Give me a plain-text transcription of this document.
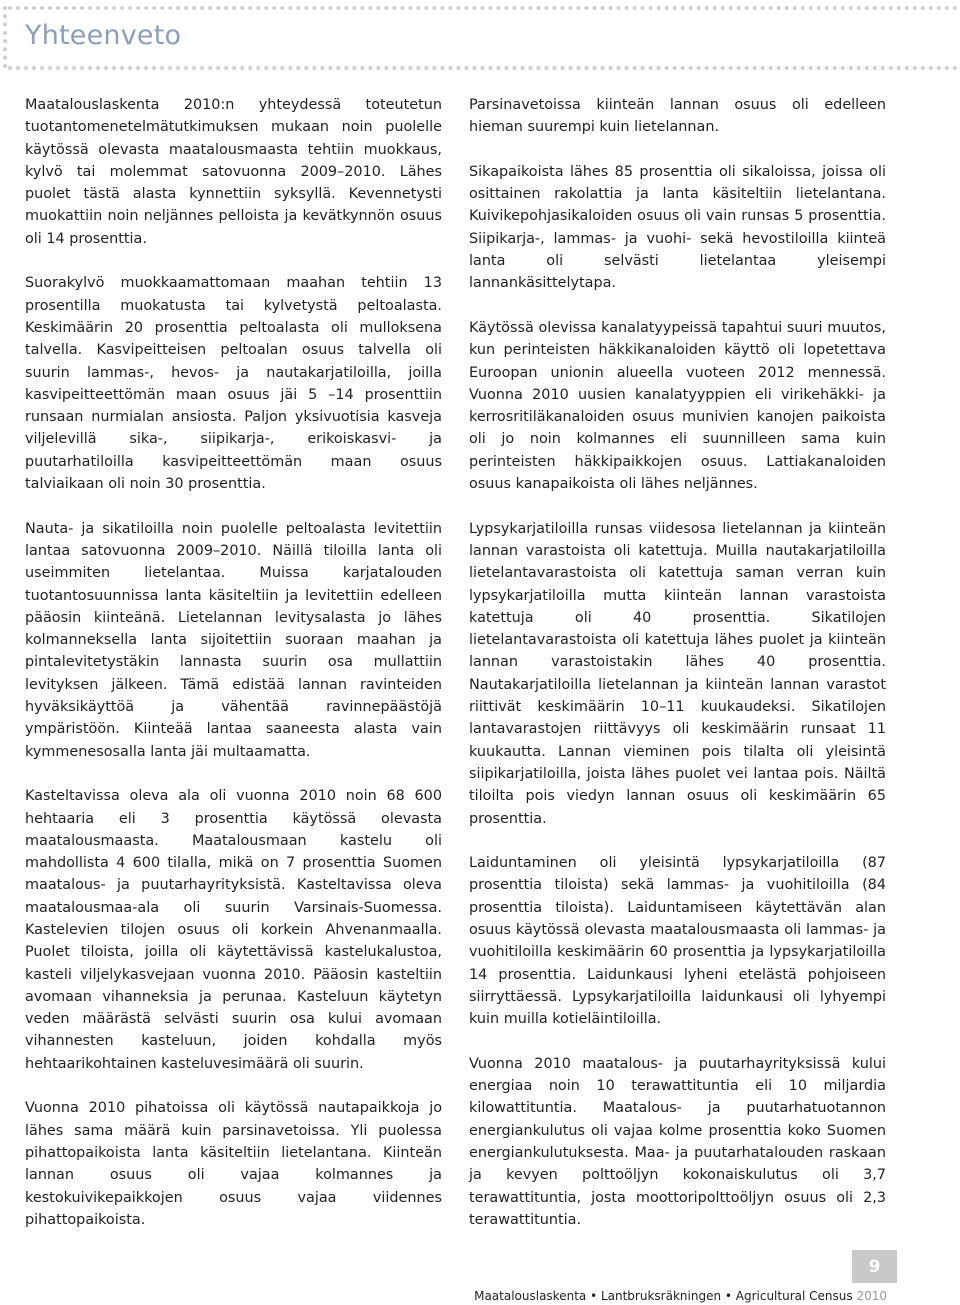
Yhteenveto

Maatalouslaskenta 2010:n yhteydessä toteutetun tuotantomenetelmätutkimuksen mukaan noin puolelle käytössä olevasta maatalousmaasta tehtiin muokkaus, kylvö tai molemmat satovuonna 2009–2010. Lähes puolet tästä alasta kynnettiin syksyllä. Kevennetysti muokattiin noin neljännes pelloista ja kevätkynnön osuus oli 14 prosenttia.

Suorakylvö muokkaamattomaan maahan tehtiin 13 prosentilla muokatusta tai kylvetystä peltoalasta. Keskimäärin 20 prosenttia peltoalasta oli mulloksena talvella. Kasvipeitteisen peltoalan osuus talvella oli suurin lammas-, hevos- ja nautakarjatiloilla, joilla kasvipeitteettömän maan osuus jäi 5 –14 prosenttiin runsaan nurmialan ansiosta. Paljon yksivuotisia kasveja viljelevillä sika-, siipikarja-, erikoiskasvi- ja puutarhatiloilla kasvipeitteettömän maan osuus talviaikaan oli noin 30 prosenttia.

Nauta- ja sikatiloilla noin puolelle peltoalasta levitettiin lantaa satovuonna 2009–2010. Näillä tiloilla lanta oli useimmiten lietelantaa. Muissa karjatalouden tuotantosuunnissa lanta käsiteltiin ja levitettiin edelleen pääosin kiinteänä. Lietelannan levitysalasta jo lähes kolmanneksella lanta sijoitettiin suoraan maahan ja pintalevitetystäkin lannasta suurin osa mullattiin levityksen jälkeen. Tämä edistää lannan ravinteiden hyväksikäyttöä ja vähentää ravinnepäästöjä ympäristöön. Kiinteää lantaa saaneesta alasta vain kymmenesosalla lanta jäi multaamatta.

Kasteltavissa oleva ala oli vuonna 2010 noin 68 600 hehtaaria eli 3 prosenttia käytössä olevasta maatalousmaasta. Maatalousmaan kastelu oli mahdollista 4 600 tilalla, mikä on 7 prosenttia Suomen maatalous- ja puutarhayrityksistä. Kasteltavissa oleva maatalousmaa-ala oli suurin Varsinais-Suomessa. Kastelevien tilojen osuus oli korkein Ahvenanmaalla. Puolet tiloista, joilla oli käytettävissä kastelukalustoa, kasteli viljelykasvejaan vuonna 2010. Pääosin kasteltiin avomaan vihanneksia ja perunaa. Kasteluun käytetyn veden määrästä selvästi suurin osa kului avomaan vihannesten kasteluun, joiden kohdalla myös hehtaarikohtainen kasteluvesimäärä oli suurin.

Vuonna 2010 pihatoissa oli käytössä nautapaikkoja jo lähes sama määrä kuin parsinavetoissa. Yli puolessa pihattopaikoista lanta käsiteltiin lietelantana. Kiinteän lannan osuus oli vajaa kolmannes ja kestokuivikepaikkojen osuus vajaa viidennes pihattopaikoista.

Parsinavetoissa kiinteän lannan osuus oli edelleen hieman suurempi kuin lietelannan.

Sikapaikoista lähes 85 prosenttia oli sikaloissa, joissa oli osittainen rakolattia ja lanta käsiteltiin lietelantana. Kuivikepohjasikaloiden osuus oli vain runsas 5 prosenttia. Siipikarja-, lammas- ja vuohi- sekä hevostiloilla kiinteä lanta oli selvästi lietelantaa yleisempi lannankäsittelytapa.

Käytössä olevissa kanalatyypeissä tapahtui suuri muutos, kun perinteisten häkkikanaloiden käyttö oli lopetettava Euroopan unionin alueella vuoteen 2012 mennessä. Vuonna 2010 uusien kanalatyyppien eli virikehäkki- ja kerrosritiläkanaloiden osuus munivien kanojen paikoista oli jo noin kolmannes eli suunnilleen sama kuin perinteisten häkkipaikkojen osuus. Lattiakanaloiden osuus kanapaikoista oli lähes neljännes.

Lypsykarjatiloilla runsas viidesosa lietelannan ja kiinteän lannan varastoista oli katettuja. Muilla nautakarjatiloilla lietelantavarastoista oli katettuja saman verran kuin lypsykarjatiloilla mutta kiinteän lannan varastoista katettuja oli 40 prosenttia. Sikatilojen lietelantavarastoista oli katettuja lähes puolet ja kiinteän lannan varastoistakin lähes 40 prosenttia. Nautakarjatiloilla lietelannan ja kiinteän lannan varastot riittivät keskimäärin 10–11 kuukaudeksi. Sikatilojen lantavarastojen riittävyys oli keskimäärin runsaat 11 kuukautta. Lannan vieminen pois tilalta oli yleisintä siipikarjatiloilla, joista lähes puolet vei lantaa pois. Näiltä tiloilta pois viedyn lannan osuus oli keskimäärin 65 prosenttia.

Laiduntaminen oli yleisintä lypsykarjatiloilla (87 prosenttia tiloista) sekä lammas- ja vuohitiloilla (84 prosenttia tiloista). Laiduntamiseen käytettävän alan osuus käytössä olevasta maatalousmaasta oli lammas- ja vuohitiloilla keskimäärin 60 prosenttia ja lypsykarjatiloilla 14 prosenttia. Laidunkausi lyheni etelästä pohjoiseen siirryttäessä. Lypsykarjatiloilla laidunkausi oli lyhyempi kuin muilla kotieläintiloilla.

Vuonna 2010 maatalous- ja puutarhayrityksissä kului energiaa noin 10 terawattituntia eli 10 miljardia kilowattituntia. Maatalous- ja puutarhatuotannon energiankulutus oli vajaa kolme prosenttia koko Suomen energiankulutuksesta. Maa- ja puutarhatalouden raskaan ja kevyen polttoöljyn kokonaiskulutus oli 3,7 terawattituntia, josta moottoripolttoöljyn osuus oli 2,3 terawattituntia.

9
Maatalouslaskenta • Lantbruksräkningen • Agricultural Census 2010
